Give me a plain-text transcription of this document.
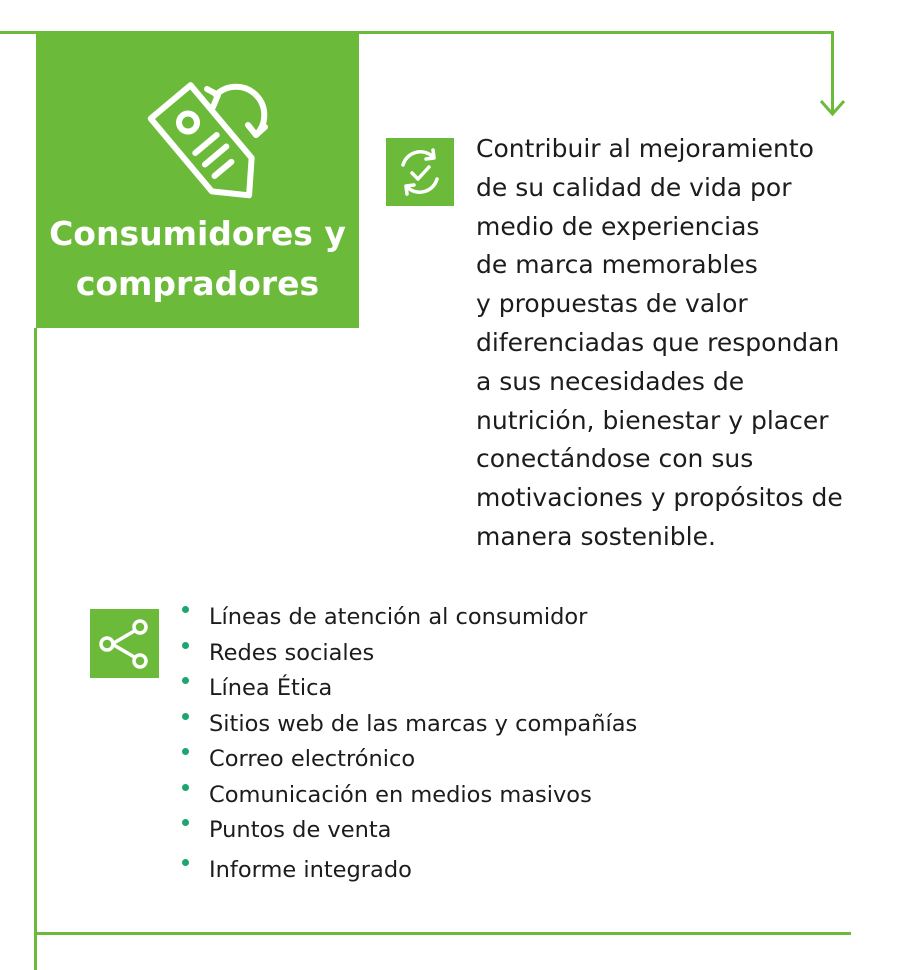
Consumidores y
compradores

Contribuir al mejoramiento
de su calidad de vida por
medio de experiencias
de marca memorables
y propuestas de valor
diferenciadas que respondan
a sus necesidades de
nutrición, bienestar y placer
conectándose con sus
motivaciones y propósitos de
manera sostenible.

Líneas de atención al consumidor
Redes sociales
Línea Ética
Sitios web de las marcas y compañías
Correo electrónico
Comunicación en medios masivos
Puntos de venta
Informe integrado
